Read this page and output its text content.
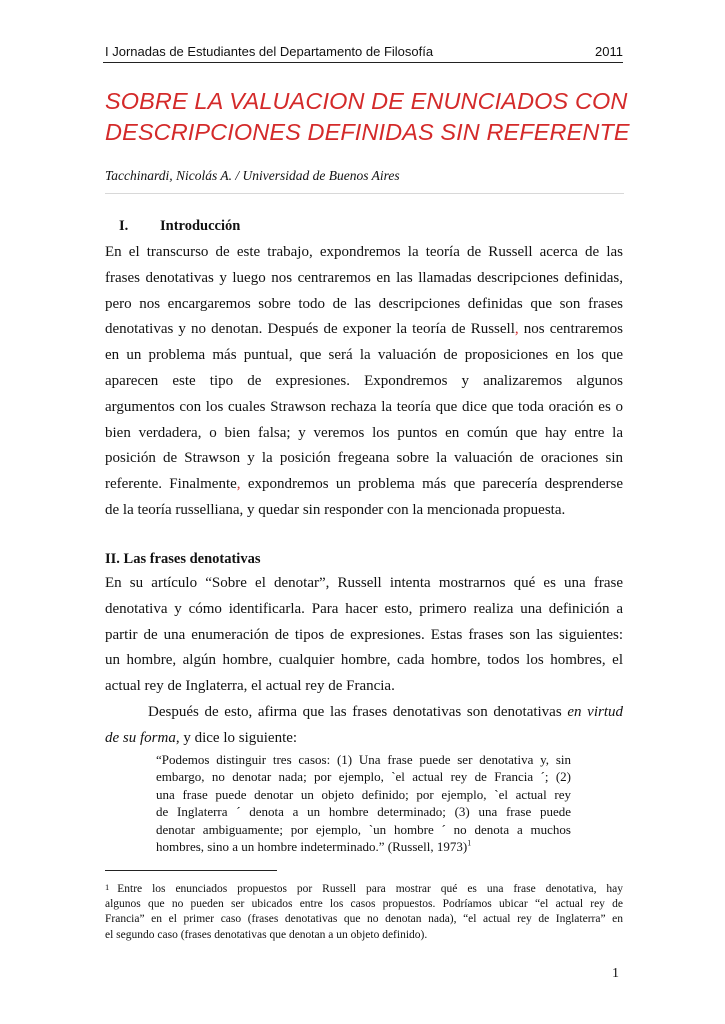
I Jornadas de Estudiantes del Departamento de Filosofía	2011
SOBRE LA VALUACION DE ENUNCIADOS CON
DESCRIPCIONES DEFINIDAS SIN REFERENTE
Tacchinardi, Nicolás A. / Universidad de Buenos Aires
I. Introducción
En el transcurso de este trabajo, expondremos la teoría de Russell acerca de las
frases denotativas y luego nos centraremos en las llamadas descripciones definidas,
pero nos encargaremos sobre todo de las descripciones definidas que son frases
denotativas y no denotan. Después de exponer la teoría de Russell, nos centraremos
en un problema más puntual, que será la valuación de proposiciones en los que
aparecen este tipo de expresiones. Expondremos y analizaremos algunos
argumentos con los cuales Strawson rechaza la teoría que dice que toda oración es o
bien verdadera, o bien falsa; y veremos los puntos en común que hay entre la
posición de Strawson y la posición fregeana sobre la valuación de oraciones sin
referente. Finalmente, expondremos un problema más que parecería desprenderse
de la teoría russelliana, y quedar sin responder con la mencionada propuesta.
II. Las frases denotativas
En su artículo “Sobre el denotar”, Russell intenta mostrarnos qué es una frase
denotativa y cómo identificarla. Para hacer esto, primero realiza una definición a
partir de una enumeración de tipos de expresiones. Estas frases son las siguientes:
un hombre, algún hombre, cualquier hombre, cada hombre, todos los hombres, el
actual rey de Inglaterra, el actual rey de Francia.
Después de esto, afirma que las frases denotativas son denotativas en virtud
de su forma, y dice lo siguiente:
“Podemos distinguir tres casos: (1) Una frase puede ser denotativa y, sin
embargo, no denotar nada; por ejemplo, `el actual rey de Francia ´; (2)
una frase puede denotar un objeto definido; por ejemplo, `el actual rey
de Inglaterra ´ denota a un hombre determinado; (3) una frase puede
denotar ambiguamente; por ejemplo, `un hombre ´ no denota a muchos
hombres, sino a un hombre indeterminado.” (Russell, 1973)$^1$
1 Entre los enunciados propuestos por Russell para mostrar qué es una frase denotativa, hay
algunos que no pueden ser ubicados entre los casos propuestos. Podríamos ubicar “el actual rey de
Francia” en el primer caso (frases denotativas que no denotan nada), “el actual rey de Inglaterra” en
el segundo caso (frases denotativas que denotan a un objeto definido).
1
